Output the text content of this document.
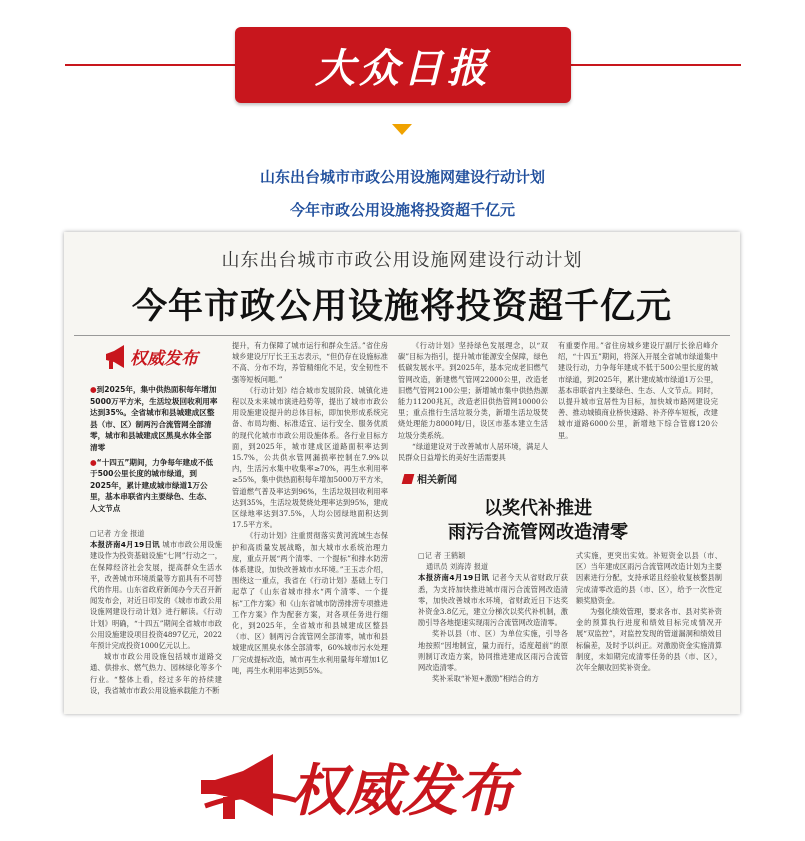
大众日报
山东出台城市市政公用设施网建设行动计划
今年市政公用设施将投资超千亿元
山东出台城市市政公用设施网建设行动计划
今年市政公用设施将投资超千亿元
权威发布

●到2025年，集中供热面积每年增加5000万平方米，生活垃圾回收利用率达到35%。全省城市和县城建成区整县（市、区）制两污合流管网全部清零，城市和县城建成区黑臭水体全部清零

●“十四五”期间，力争每年建成不低于500公里长度的城市绿道，到2025年，累计建成城市绿道1万公里，基本串联省内主要绿色、生态、人文节点

□记者 方金 报道

本报济南4月19日讯 城市市政公用设施建设作为投资基础设施“七网”行动之一，在保障经济社会发展，提高群众生活水平，改善城市环境质量等方面具有不可替代的作用。山东省政府新闻办今天召开新闻发布会，对近日印发的《城市市政公用设施网建设行动计划》进行解读。《行动计划》明确，“十四五”期间全省城市市政公用设施建设项目投资4897亿元，2022年预计完成投资1000亿元以上。

城市市政公用设施包括城市道路交通、供排水、燃气热力、园林绿化等多个行业。“整体上看，经过多年的持续建设，我省城市市政公用设施承载能力不断

提升，有力保障了城市运行和群众生活。”省住房城乡建设厅厅长王玉志表示，“但仍存在设施标准不高、分布不均，养管精细化不足，安全韧性不强等短板问题。”

《行动计划》结合城市发展阶段、城镇化进程以及未来城市演进趋势等，提出了城市市政公用设施建设提升的总体目标，即加快形成系统完备、布局均衡、标准适宜、运行安全、服务优质的现代化城市市政公用设施体系。各行业目标方面，到2025年，城市建成区道路面积率达到15.7%，公共供水管网漏损率控制在7.9%以内，生活污水集中收集率≥70%，再生水利用率≥55%，集中供热面积每年增加5000万平方米，管道燃气普及率达到96%，生活垃圾回收利用率达到35%，生活垃圾焚烧处理率达到95%，建成区绿地率达到37.5%，人均公园绿地面积达到17.5平方米。

《行动计划》注重贯彻落实黄河流域生态保护和高质量发展战略，加大城市水系统治理力度，重点开展“两个清零、一个提标”和排水防涝体系建设，加快改善城市水环境。”王玉志介绍，围绕这一重点，我省在《行动计划》基础上专门起草了《山东省城市排水“两个清零、一个提标”工作方案》和《山东省城市防涝排涝专项推进工作方案》作为配套方案，对各项任务进行细化，到2025年，全省城市和县城建成区整县（市、区）制两污合流管网全部清零，城市和县城建成区黑臭水体全部清零，60%城市污水处理厂完成提标改造，城市再生水利用量每年增加1亿吨，再生水利用率达到55%。

《行动计划》坚持绿色发展理念，以“双碳”目标为指引，提升城市能源安全保障，绿色低碳发展水平。到2025年，基本完成老旧燃气管网改造，新建燃气管网22000公里，改造老旧燃气管网2100公里；新增城市集中供热热源能力11200兆瓦，改造老旧供热管网10000公里；重点推行生活垃圾分类，新增生活垃圾焚烧处理能力8000吨/日，设区市基本建立生活垃圾分类系统。

“绿道建设对于改善城市人居环境，满足人民群众日益增长的美好生活需要具

有重要作用。”省住房城乡建设厅副厅长徐启峰介绍，“十四五”期间，将深入开展全省城市绿道集中建设行动，力争每年建成不低于500公里长度的城市绿道，到2025年，累计建成城市绿道1万公里，基本串联省内主要绿色、生态、人文节点。同时，以提升城市宜居性为目标，加快城市路网建设完善、推动城镇商业桥快速路、补齐停车短板，改建城市道路6000公里，新增地下综合管廊120公里。

相关新闻
以奖代补推进
雨污合流管网改造清零

□记 者 王鹤颖

通讯员 刘海涛 报道

本报济南4月19日讯 记者今天从省财政厅获悉，为支持加快推进城市雨污合流管网改造清零，加快改善城市水环境，省财政近日下达奖补资金3.8亿元，建立分梯次以奖代补机制，激励引导各地提速实现雨污合流管网改造清零。

奖补以县（市、区）为单位实施，引导各地按照“因地制宜，量力而行，适度超前”的原则制订改造方案，协同推进建成区雨污合流管网改造清零。

奖补采取“补短+激励”相结合的方

式实施，更突出实效。补短资金以县（市、区）当年建成区雨污合流管网改造计划为主要因素进行分配，支持承诺且经验收复核整县制完成清零改造的县（市、区），给予一次性定额奖励资金。

为强化绩效管理，要求各市、县对奖补资金的预算执行进度和绩效目标完成情况开展“双监控”，对监控发现的管道漏洞和绩效目标偏差，及时予以纠正。对激励资金实施清算制度，未如期完成清零任务的县（市、区），次年全额收回奖补资金。

权威发布
